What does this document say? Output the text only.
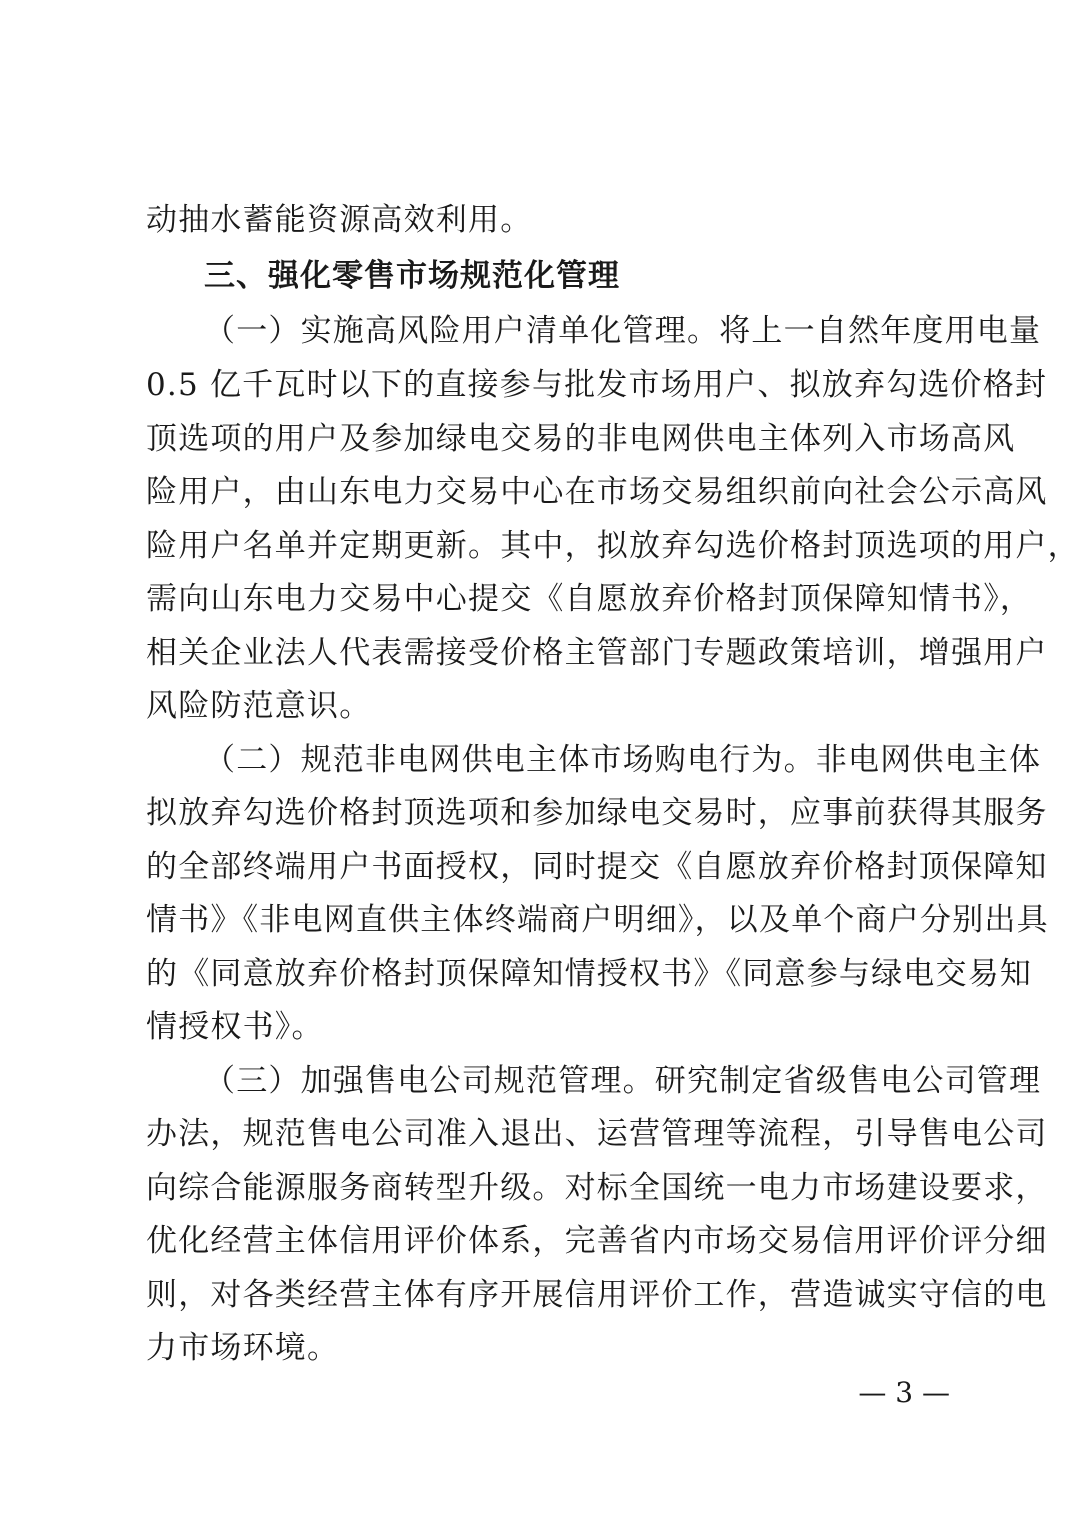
动抽水蓄能资源高效利用。
三、强化零售市场规范化管理
（一）实施高风险用户清单化管理。将上一自然年度用电量
0.5 亿千瓦时以下的直接参与批发市场用户、拟放弃勾选价格封
顶选项的用户及参加绿电交易的非电网供电主体列入市场高风
险用户，由山东电力交易中心在市场交易组织前向社会公示高风
险用户名单并定期更新。其中，拟放弃勾选价格封顶选项的用户，
需向山东电力交易中心提交《自愿放弃价格封顶保障知情书》，
相关企业法人代表需接受价格主管部门专题政策培训，增强用户
风险防范意识。
（二）规范非电网供电主体市场购电行为。非电网供电主体
拟放弃勾选价格封顶选项和参加绿电交易时，应事前获得其服务
的全部终端用户书面授权，同时提交《自愿放弃价格封顶保障知
情书》《非电网直供主体终端商户明细》，以及单个商户分别出具
的《同意放弃价格封顶保障知情授权书》《同意参与绿电交易知
情授权书》。
（三）加强售电公司规范管理。研究制定省级售电公司管理
办法，规范售电公司准入退出、运营管理等流程，引导售电公司
向综合能源服务商转型升级。对标全国统一电力市场建设要求，
优化经营主体信用评价体系，完善省内市场交易信用评价评分细
则，对各类经营主体有序开展信用评价工作，营造诚实守信的电
力市场环境。
— 3 —
